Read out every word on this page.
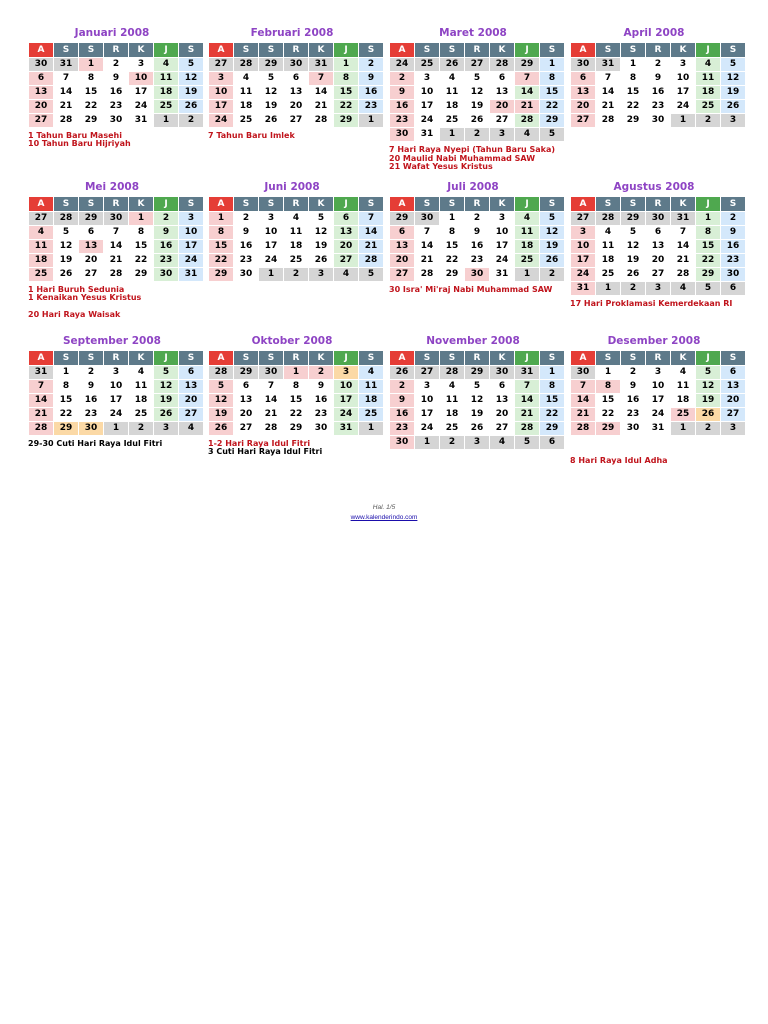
Januari 2008
A	S	S	R	K	J	S
30	31	1	2	3	4	5
6	7	8	9	10	11	12
13	14	15	16	17	18	19
20	21	22	23	24	25	26
27	28	29	30	31	1	2
1 Tahun Baru Masehi
10 Tahun Baru Hijriyah
Februari 2008
A	S	S	R	K	J	S
27	28	29	30	31	1	2
3	4	5	6	7	8	9
10	11	12	13	14	15	16
17	18	19	20	21	22	23
24	25	26	27	28	29	1
7 Tahun Baru Imlek
Maret 2008
A	S	S	R	K	J	S
24	25	26	27	28	29	1
2	3	4	5	6	7	8
9	10	11	12	13	14	15
16	17	18	19	20	21	22
23	24	25	26	27	28	29
30	31	1	2	3	4	5
7 Hari Raya Nyepi (Tahun Baru Saka)
20 Maulid Nabi Muhammad SAW
21 Wafat Yesus Kristus
April 2008
A	S	S	R	K	J	S
30	31	1	2	3	4	5
6	7	8	9	10	11	12
13	14	15	16	17	18	19
20	21	22	23	24	25	26
27	28	29	30	1	2	3
Mei 2008
A	S	S	R	K	J	S
27	28	29	30	1	2	3
4	5	6	7	8	9	10
11	12	13	14	15	16	17
18	19	20	21	22	23	24
25	26	27	28	29	30	31
1 Hari Buruh Sedunia
1 Kenaikan Yesus Kristus
20 Hari Raya Waisak
Juni 2008
A	S	S	R	K	J	S
1	2	3	4	5	6	7
8	9	10	11	12	13	14
15	16	17	18	19	20	21
22	23	24	25	26	27	28
29	30	1	2	3	4	5
Juli 2008
A	S	S	R	K	J	S
29	30	1	2	3	4	5
6	7	8	9	10	11	12
13	14	15	16	17	18	19
20	21	22	23	24	25	26
27	28	29	30	31	1	2
30 Isra' Mi'raj Nabi Muhammad SAW
Agustus 2008
A	S	S	R	K	J	S
27	28	29	30	31	1	2
3	4	5	6	7	8	9
10	11	12	13	14	15	16
17	18	19	20	21	22	23
24	25	26	27	28	29	30
31	1	2	3	4	5	6
17 Hari Proklamasi Kemerdekaan RI
September 2008
A	S	S	R	K	J	S
31	1	2	3	4	5	6
7	8	9	10	11	12	13
14	15	16	17	18	19	20
21	22	23	24	25	26	27
28	29	30	1	2	3	4
29-30 Cuti Hari Raya Idul Fitri
Oktober 2008
A	S	S	R	K	J	S
28	29	30	1	2	3	4
5	6	7	8	9	10	11
12	13	14	15	16	17	18
19	20	21	22	23	24	25
26	27	28	29	30	31	1
1-2 Hari Raya Idul Fitri
3 Cuti Hari Raya Idul Fitri
November 2008
A	S	S	R	K	J	S
26	27	28	29	30	31	1
2	3	4	5	6	7	8
9	10	11	12	13	14	15
16	17	18	19	20	21	22
23	24	25	26	27	28	29
30	1	2	3	4	5	6
Desember 2008
A	S	S	R	K	J	S
30	1	2	3	4	5	6
7	8	9	10	11	12	13
14	15	16	17	18	19	20
21	22	23	24	25	26	27
28	29	30	31	1	2	3
8 Hari Raya Idul Adha
Hal. 1/5
www.kalenderindo.com
